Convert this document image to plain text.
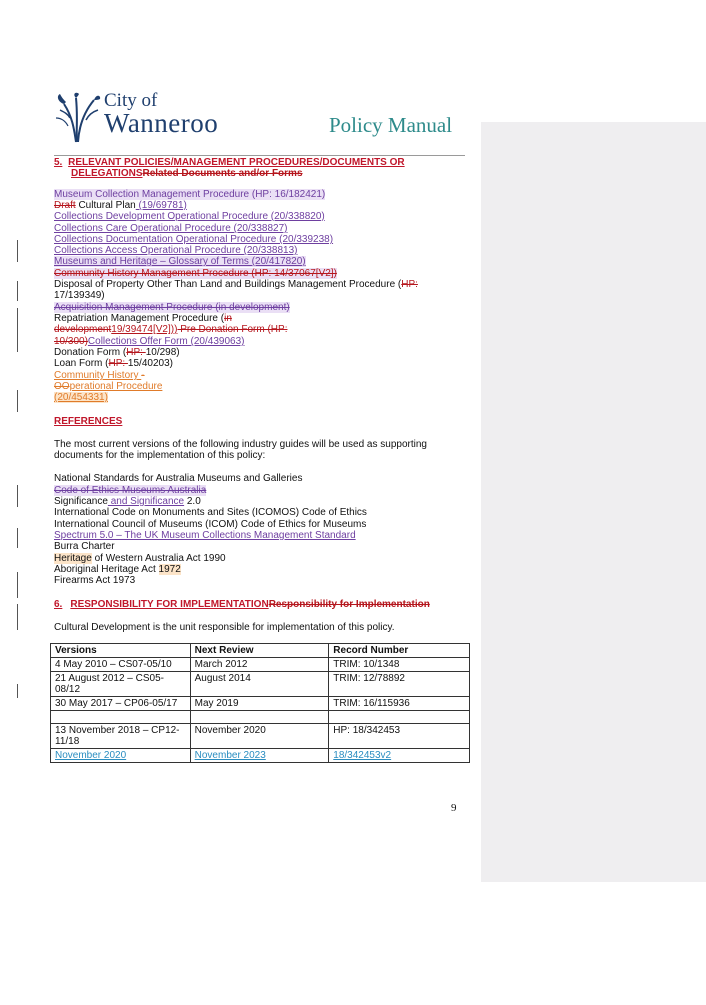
City of
Wanneroo	Policy Manual
5. RELEVANT POLICIES/MANAGEMENT PROCEDURES/DOCUMENTS OR
DELEGATIONSRelated Documents and/or Forms
Museum Collection Management Procedure (HP: 16/182421)
Draft Cultural Plan (19/69781)
Collections Development Operational Procedure (20/338820)
Collections Care Operational Procedure (20/338827)
Collections Documentation Operational Procedure (20/339238)
Collections Access Operational Procedure (20/338813)
Museums and Heritage – Glossary of Terms (20/417820)
Community History Management Procedure (HP: 14/37067[V2])
Disposal of Property Other Than Land and Buildings Management Procedure (HP:
17/139349)
Acquisition Management Procedure (in development)
Repatriation Management Procedure (in
development19/39474[V2])) Pre Donation Form (HP:
10/300)Collections Offer Form (20/439063)
Donation Form (HP: 10/298)
Loan Form (HP: 15/40203)
Community History -
OOperational Procedure
(20/454331)
REFERENCES
The most current versions of the following industry guides will be used as supporting
documents for the implementation of this policy:
National Standards for Australia Museums and Galleries
Code of Ethics Museums Australia
Significance and Significance 2.0
International Code on Monuments and Sites (ICOMOS) Code of Ethics
International Council of Museums (ICOM) Code of Ethics for Museums
Spectrum 5.0 – The UK Museum Collections Management Standard
Burra Charter
Heritage of Western Australia Act 1990
Aboriginal Heritage Act 1972
Firearms Act 1973
6. RESPONSIBILITY FOR IMPLEMENTATIONResponsibility for Implementation
Cultural Development is the unit responsible for implementation of this policy.
Versions	Next Review	Record Number
4 May 2010 – CS07-05/10	March 2012	TRIM: 10/1348
21 August 2012 – CS05-08/12	August 2014	TRIM: 12/78892
30 May 2017 – CP06-05/17	May 2019	TRIM: 16/115936

13 November 2018 – CP12-11/18	November 2020	HP: 18/342453
November 2020	November 2023	18/342453v2
9
